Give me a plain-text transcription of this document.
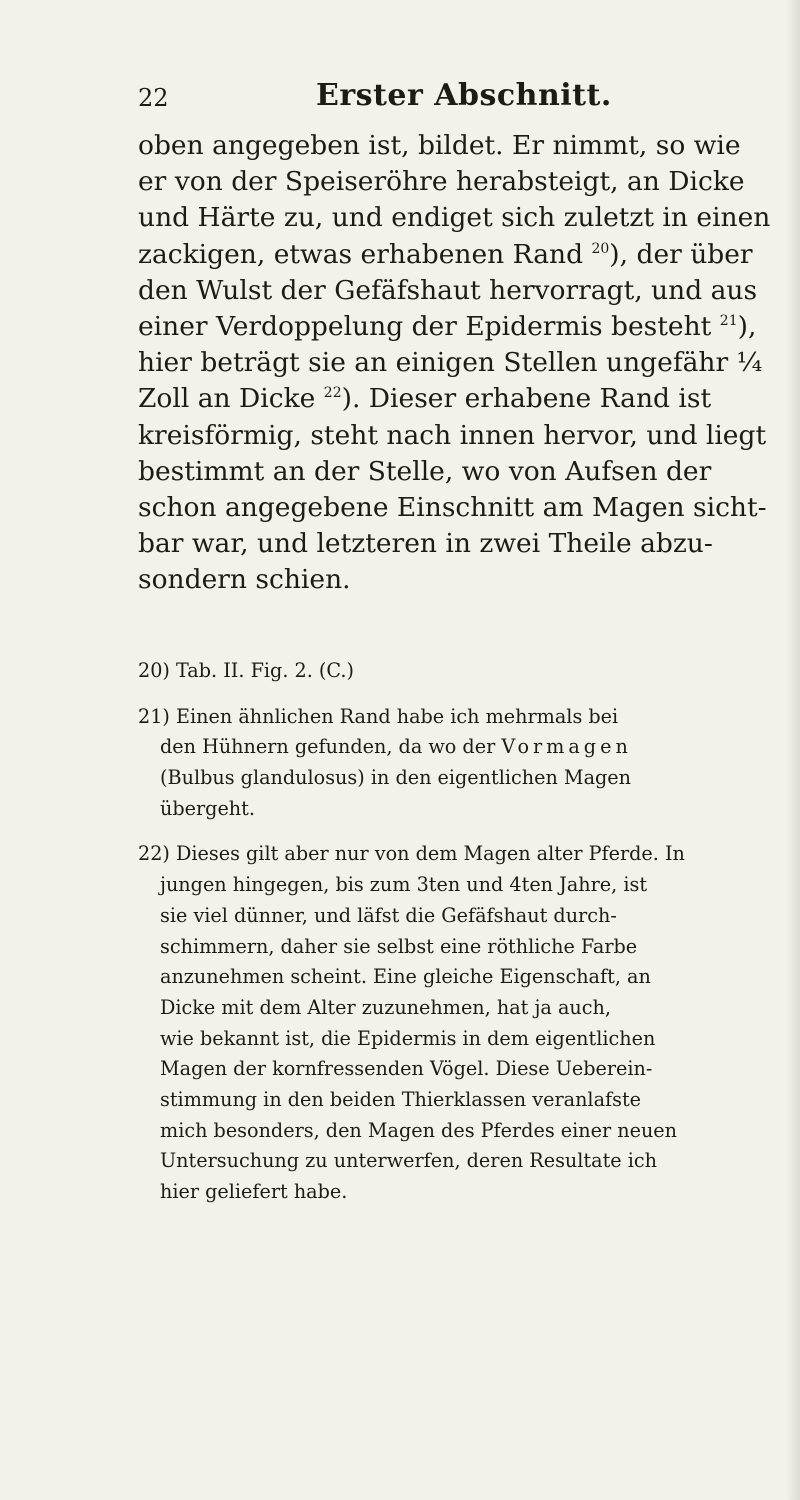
22	Erster Abschnitt.
oben angegeben ist, bildet. Er nimmt, so wie
er von der Speiseröhre herabsteigt, an Dicke
und Härte zu, und endiget sich zuletzt in einen
zackigen, etwas erhabenen Rand $^{20}$), der über
den Wulst der Gefäfshaut hervorragt, und aus
einer Verdoppelung der Epidermis besteht $^{21}$),
hier beträgt sie an einigen Stellen ungefähr ¼
Zoll an Dicke $^{22}$). Dieser erhabene Rand ist
kreisförmig, steht nach innen hervor, und liegt
bestimmt an der Stelle, wo von Aufsen der
schon angegebene Einschnitt am Magen sicht-
bar war, und letzteren in zwei Theile abzu-
sondern schien.
20) Tab. II. Fig. 2. (C.)
21) Einen ähnlichen Rand habe ich mehrmals bei
den Hühnern gefunden, da wo der Vormagen
(Bulbus glandulosus) in den eigentlichen Magen
übergeht.
22) Dieses gilt aber nur von dem Magen alter Pferde. In
jungen hingegen, bis zum 3ten und 4ten Jahre, ist
sie viel dünner, und läfst die Gefäfshaut durch-
schimmern, daher sie selbst eine röthliche Farbe
anzunehmen scheint. Eine gleiche Eigenschaft, an
Dicke mit dem Alter zuzunehmen, hat ja auch,
wie bekannt ist, die Epidermis in dem eigentlichen
Magen der kornfressenden Vögel. Diese Ueberein-
stimmung in den beiden Thierklassen veranlafste
mich besonders, den Magen des Pferdes einer neuen
Untersuchung zu unterwerfen, deren Resultate ich
hier geliefert habe.
